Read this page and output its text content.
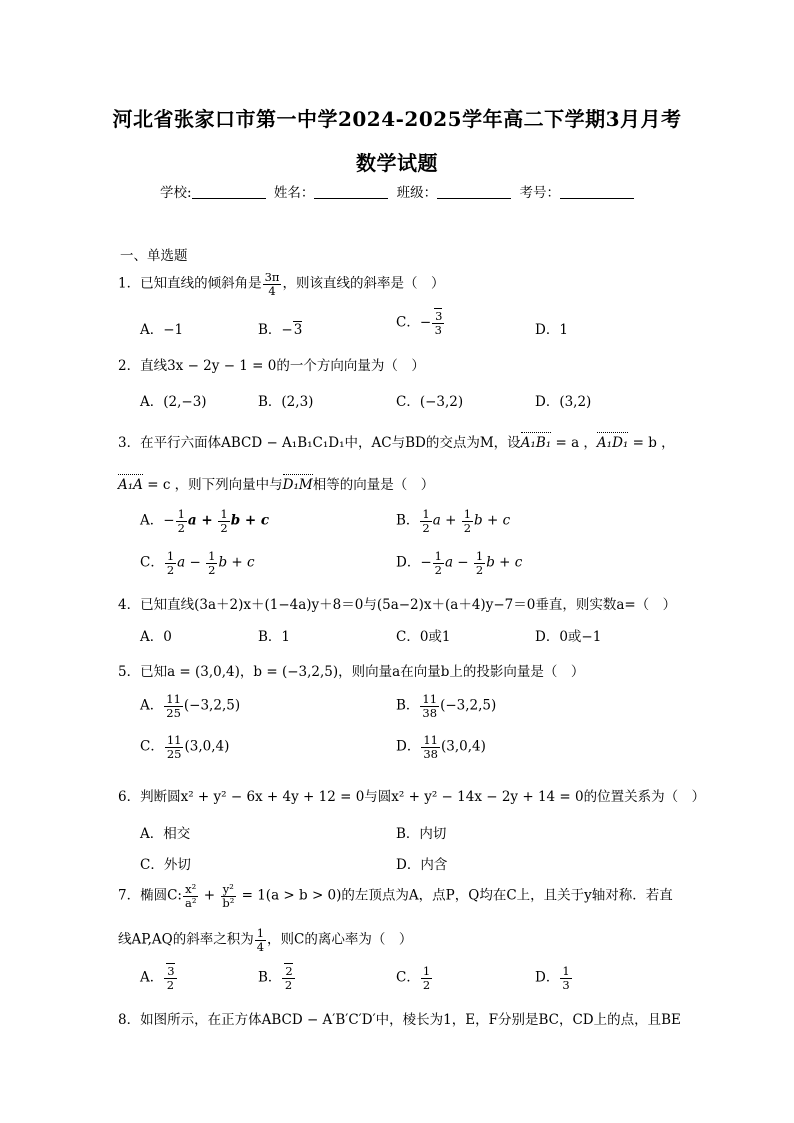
河北省张家口市第一中学2024-2025学年高二下学期3月月考
数学试题
学校:	姓名：	班级：	考号：
一、单选题
1．已知直线的倾斜角是 $\frac{3\pi}{4}$ ，则该直线的斜率是（　）
A．−1	B．−3	C．− $\frac{3}{3}$	D．1
2．直线3x − 2y − 1 = 0的一个方向向量为（　）
A．(2,−3)	B．(2,3)	C．(−3,2)	D．(3,2)
3．在平行六面体ABCD − A₁B₁C₁D₁中，AC与BD的交点为M，设A₁B₁ = a ，A₁D₁ = b ，
A₁A = c ，则下列向量中与D₁M相等的向量是（　）
A．− $\frac{1}{2}$ $a + \frac{1}{2}$ b + c	B． $\frac{1}{2}$ $a + \frac{1}{2}$ b + c
C． $\frac{1}{2}$ $a - \frac{1}{2}$ b + c	D．− $\frac{1}{2}$ $a - \frac{1}{2}$ b + c
4．已知直线(3a＋2)x＋(1−4a)y＋8＝0与(5a−2)x＋(a＋4)y−7＝0垂直，则实数a=（　）
A．0	B．1	C．0或1	D．0或−1
5．已知a = (3,0,4)，b = (−3,2,5)，则向量a在向量b上的投影向量是（　）
A． $\frac{11}{25} (-3,2,5)$	B． $\frac{11}{38} (-3,2,5)$
C． $\frac{11}{25} (3,0,4)$	D． $\frac{11}{38} (3,0,4)$
6．判断圆x² + y² − 6x + 4y + 12 = 0与圆x² + y² − 14x − 2y + 14 = 0的位置关系为（　）
A．相交	B．内切
C．外切	D．内含
7．椭圆C: $\frac{\text{x²}}{\text{a²}} + \frac{\text{y²}}{\text{b²}} = 1(a > b > 0)$的左顶点为A，点P，Q均在C上，且关于y轴对称．若直
线AP,AQ的斜率之积为 $\frac{1}{4}$ ，则C的离心率为（　）
A． $\frac{3}{2}$	B． $\frac{2}{2}$	C． $\frac{1}{2}$	D． $\frac{1}{3}$
8．如图所示，在正方体ABCD − A′B′C′D′中，棱长为1，E，F分别是BC，CD上的点，且BE
